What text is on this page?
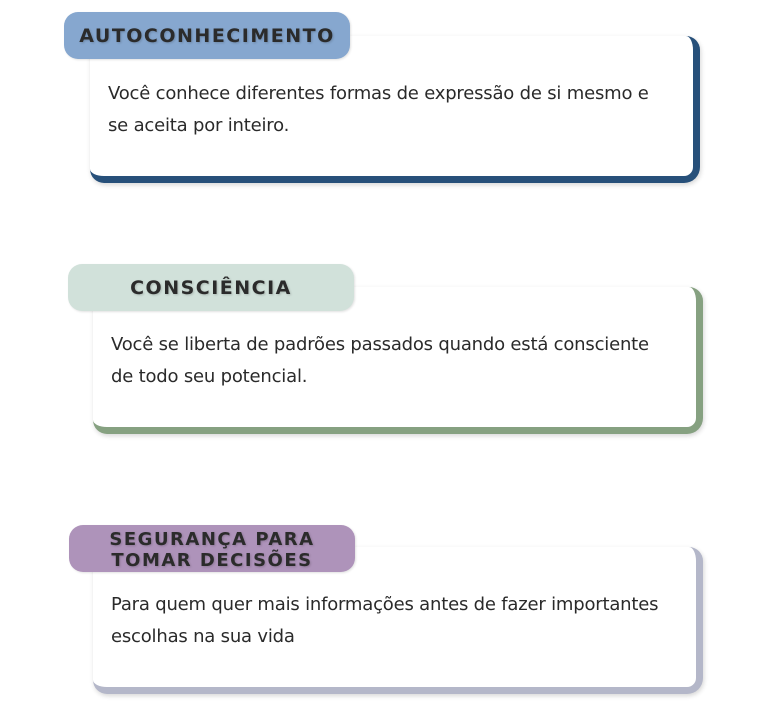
Você conhece diferentes formas de expressão de si mesmo e se aceita por inteiro.

AUTOCONHECIMENTO

Você se liberta de padrões passados quando está consciente de todo seu potencial.

CONSCIÊNCIA

Para quem quer mais informações antes de fazer importantes escolhas na sua vida

SEGURANÇA PARA TOMAR DECISÕES
